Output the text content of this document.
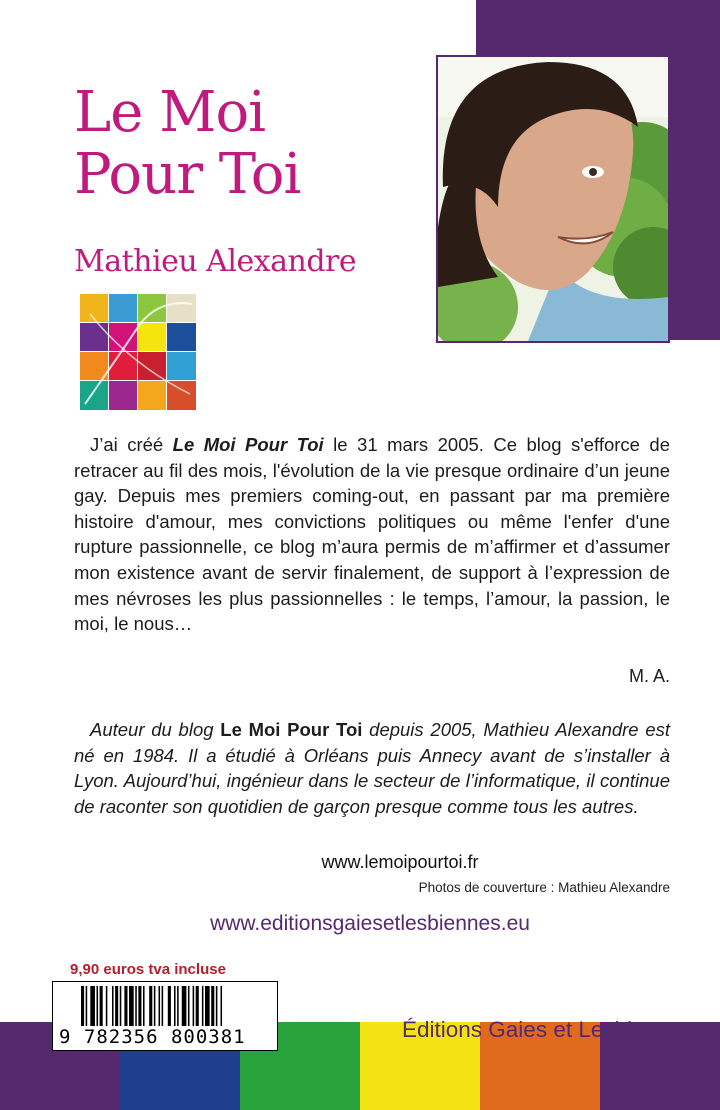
Le Moi
Pour Toi
Mathieu Alexandre

J’ai créé Le Moi Pour Toi le 31 mars 2005. Ce blog s'efforce de retracer au fil des mois, l'évolution de la vie presque ordinaire d’un jeune gay. Depuis mes premiers coming-out, en passant par ma première histoire d'amour, mes convictions politiques ou même l'enfer d'une rupture passionnelle, ce blog m’aura permis de m’affirmer et d’assumer mon existence avant de servir finalement, de support à l’expression de mes névroses les plus passionnelles : le temps, l’amour, la passion, le moi, le nous…

M. A.

Auteur du blog Le Moi Pour Toi depuis 2005, Mathieu Alexandre est né en 1984. Il a étudié à Orléans puis Annecy avant de s’installer à Lyon. Aujourd’hui, ingénieur dans le secteur de l’informatique, il continue de raconter son quotidien de garçon presque comme tous les autres.

www.lemoipourtoi.fr
Photos de couverture : Mathieu Alexandre
www.editionsgaiesetlesbiennes.eu
9,90 euros tva incluse
9 782356 800381	Éditions Gaies et Lesbiennes
